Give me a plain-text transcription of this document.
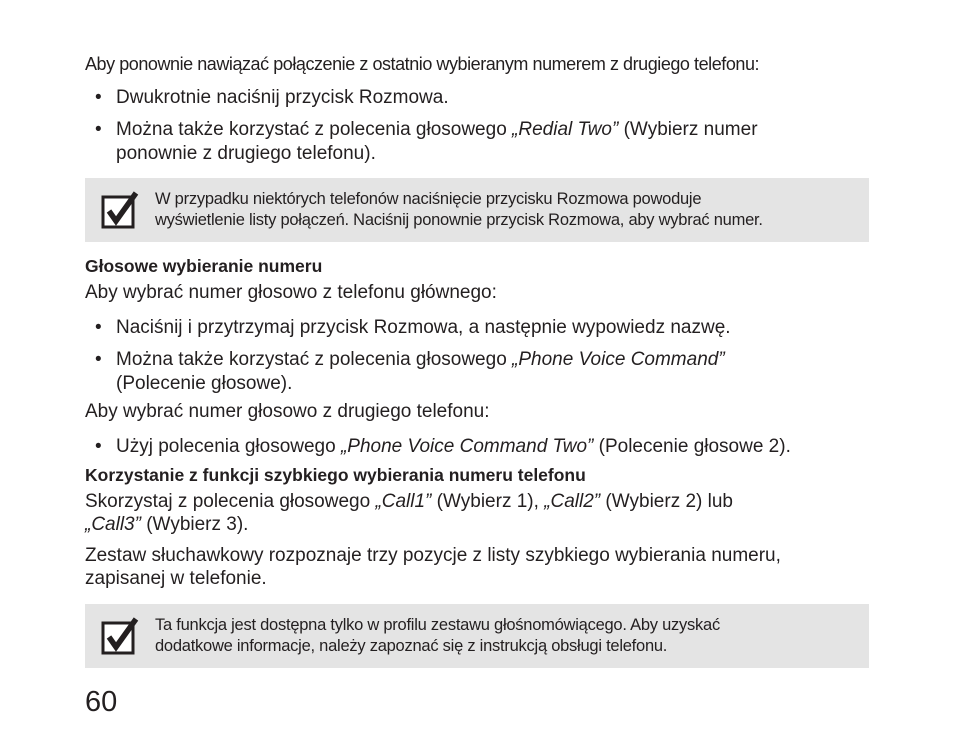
Aby ponownie nawiązać połączenie z ostatnio wybieranym numerem z drugiego telefonu:

• Dwukrotnie naciśnij przycisk Rozmowa.
• Można także korzystać z polecenia głosowego „Redial Two” (Wybierz numer
ponownie z drugiego telefonu).
W przypadku niektórych telefonów naciśnięcie przycisku Rozmowa powoduje
wyświetlenie listy połączeń. Naciśnij ponownie przycisk Rozmowa, aby wybrać numer.
Głosowe wybieranie numeru

Aby wybrać numer głosowo z telefonu głównego:

• Naciśnij i przytrzymaj przycisk Rozmowa, a następnie wypowiedz nazwę.
• Można także korzystać z polecenia głosowego „Phone Voice Command”
(Polecenie głosowe).

Aby wybrać numer głosowo z drugiego telefonu:

• Użyj polecenia głosowego „Phone Voice Command Two” (Polecenie głosowe 2).
Korzystanie z funkcji szybkiego wybierania numeru telefonu

Skorzystaj z polecenia głosowego „Call1” (Wybierz 1), „Call2” (Wybierz 2) lub
„Call3” (Wybierz 3).

Zestaw słuchawkowy rozpoznaje trzy pozycje z listy szybkiego wybierania numeru,
zapisanej w telefonie.

Ta funkcja jest dostępna tylko w profilu zestawu głośnomówiącego. Aby uzyskać
dodatkowe informacje, należy zapoznać się z instrukcją obsługi telefonu.
60
